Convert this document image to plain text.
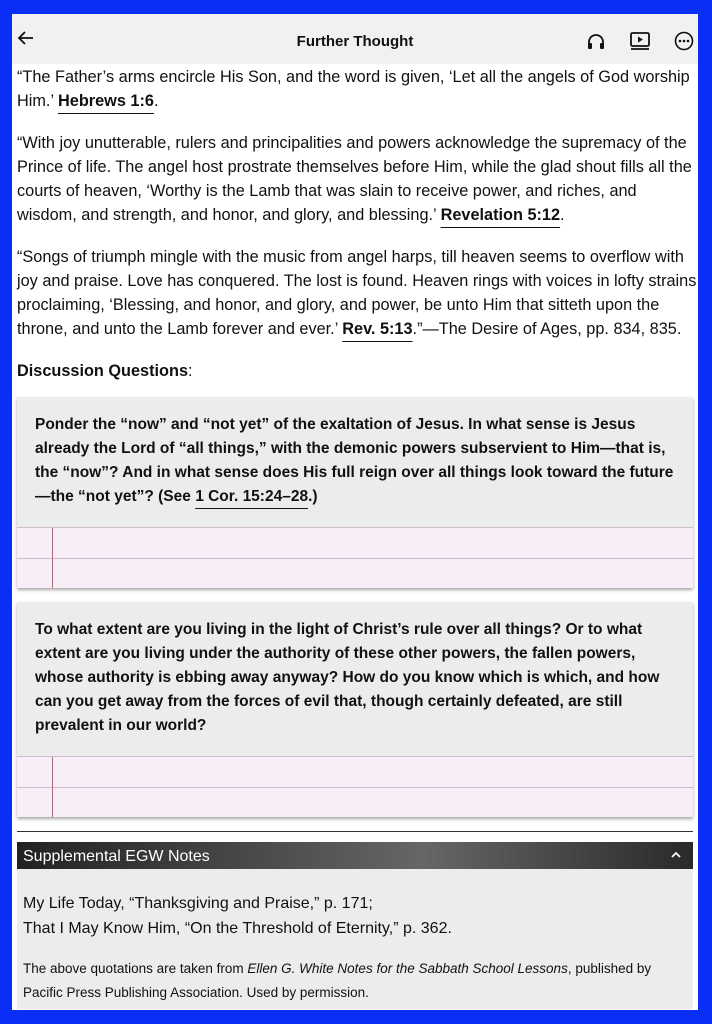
Further Thought

“The Father’s arms encircle His Son, and the word is given, ‘Let all the angels of God worship Him.’ Hebrews 1:6.

“With joy unutterable, rulers and principalities and powers acknowledge the supremacy of the Prince of life. The angel host prostrate themselves before Him, while the glad shout fills all the courts of heaven, ‘Worthy is the Lamb that was slain to receive power, and riches, and wisdom, and strength, and honor, and glory, and blessing.’ Revelation 5:12.

“Songs of triumph mingle with the music from angel harps, till heaven seems to overflow with joy and praise. Love has conquered. The lost is found. Heaven rings with voices in lofty strains proclaiming, ‘Blessing, and honor, and glory, and power, be unto Him that sitteth upon the throne, and unto the Lamb forever and ever.’ Rev. 5:13.”—The Desire of Ages, pp. 834, 835.

Discussion Questions:

Ponder the “now” and “not yet” of the exaltation of Jesus. In what sense is Jesus already the Lord of “all things,” with the demonic powers subservient to Him—that is, the “now”? And in what sense does His full reign over all things look toward the future—the “not yet”? (See 1 Cor. 15:24–28.)
To what extent are you living in the light of Christ’s rule over all things? Or to what extent are you living under the authority of these other powers, the fallen powers, whose authority is ebbing away anyway? How do you know which is which, and how can you get away from the forces of evil that, though certainly defeated, are still prevalent in our world?
Supplemental EGW Notes
My Life Today, “Thanksgiving and Praise,” p. 171;
That I May Know Him, “On the Threshold of Eternity,” p. 362.

The above quotations are taken from Ellen G. White Notes for the Sabbath School Lessons, published by Pacific Press Publishing Association. Used by permission.
